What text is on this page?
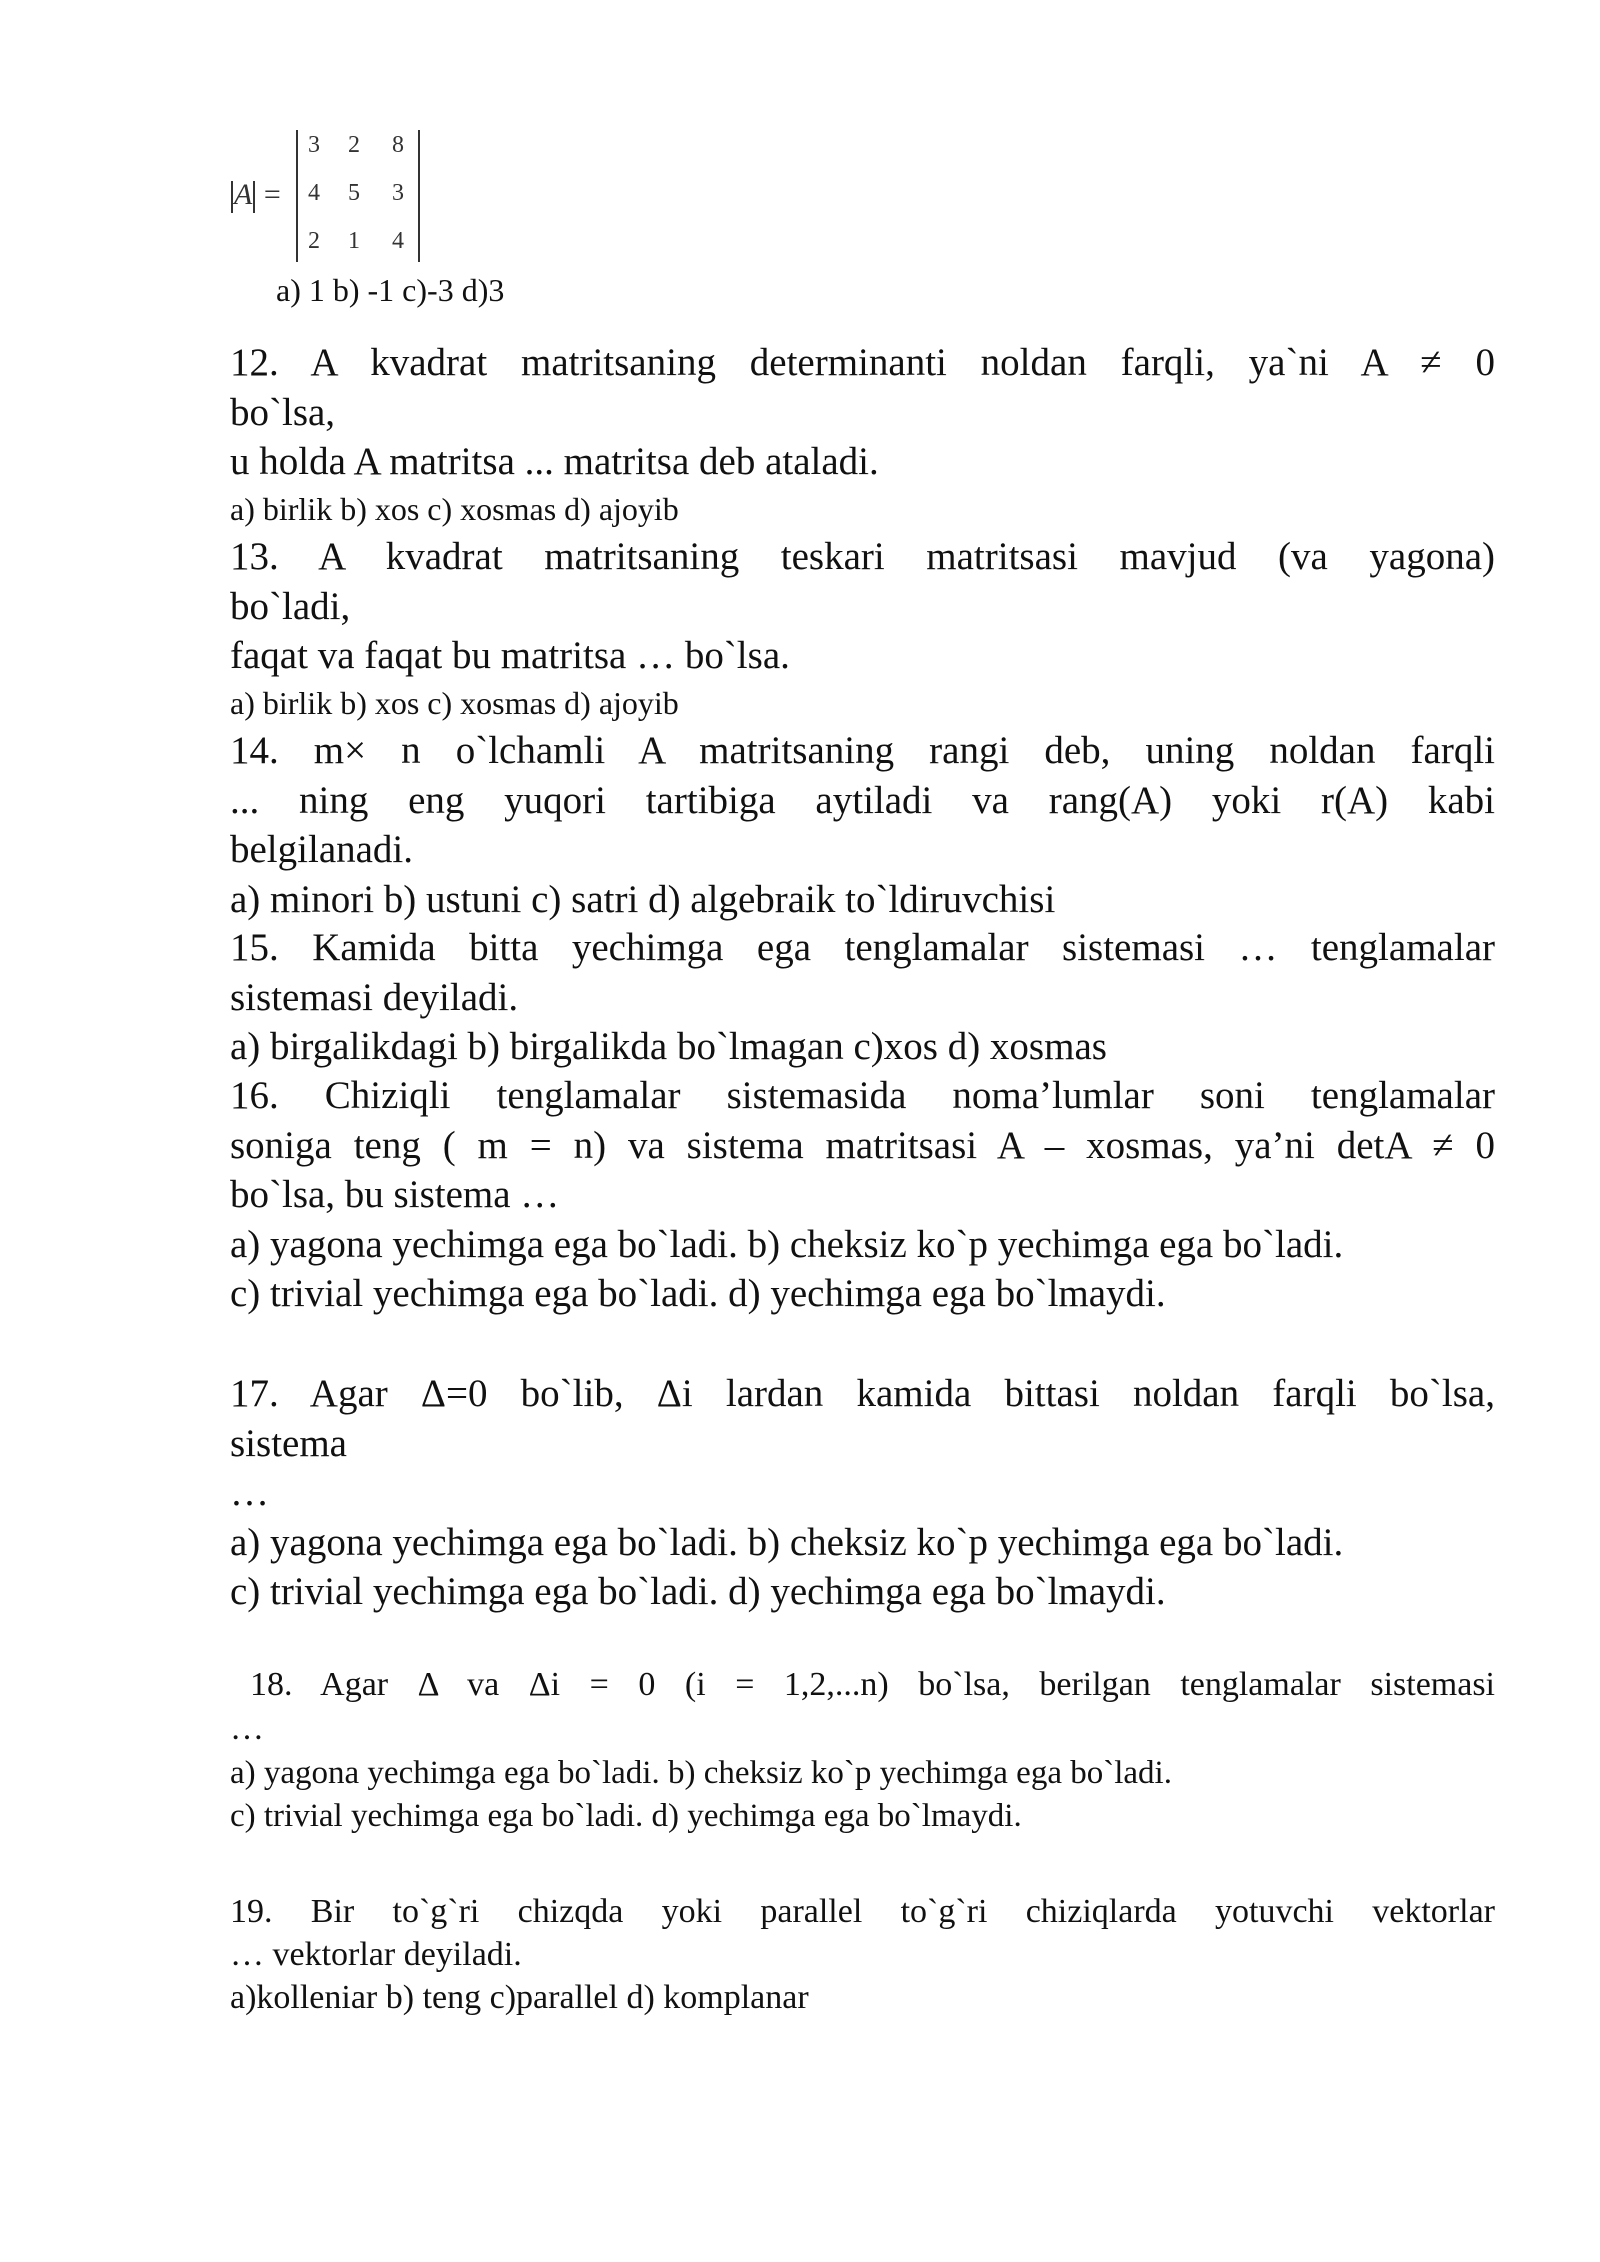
A =
3 2 8
4 5 3
2 1 4
a) 1 b) -1 c)-3 d)3
12. A kvadrat matritsaning determinanti noldan farqli, ya`ni A ≠ 0
bo`lsa,
u holda A matritsa ... matritsa deb ataladi.
a) birlik b) xos c) xosmas d) ajoyib
13. A kvadrat matritsaning teskari matritsasi mavjud (va yagona)
bo`ladi,
faqat va faqat bu matritsa … bo`lsa.
a) birlik b) xos c) xosmas d) ajoyib
14. m× n o`lchamli A matritsaning rangi deb, uning noldan farqli
... ning eng yuqori tartibiga aytiladi va rang(A) yoki r(A) kabi
belgilanadi.
a) minori b) ustuni c) satri d) algebraik to`ldiruvchisi
15. Kamida bitta yechimga ega tenglamalar sistemasi … tenglamalar
sistemasi deyiladi.
a) birgalikdagi b) birgalikda bo`lmagan c)xos d) xosmas
16. Chiziqli tenglamalar sistemasida noma’lumlar soni tenglamalar
soniga teng ( m = n) va sistema matritsasi A – xosmas, ya’ni detA ≠ 0
bo`lsa, bu sistema …
a) yagona yechimga ega bo`ladi. b) cheksiz ko`p yechimga ega bo`ladi.
c) trivial yechimga ega bo`ladi. d) yechimga ega bo`lmaydi.
17. Agar Δ=0 bo`lib, Δi lardan kamida bittasi noldan farqli bo`lsa,
sistema
…
a) yagona yechimga ega bo`ladi. b) cheksiz ko`p yechimga ega bo`ladi.
c) trivial yechimga ega bo`ladi. d) yechimga ega bo`lmaydi.
18. Agar Δ va Δi = 0 (i = 1,2,...n) bo`lsa, berilgan tenglamalar sistemasi
…
a) yagona yechimga ega bo`ladi. b) cheksiz ko`p yechimga ega bo`ladi.
c) trivial yechimga ega bo`ladi. d) yechimga ega bo`lmaydi.
19. Bir to`g`ri chizqda yoki parallel to`g`ri chiziqlarda yotuvchi vektorlar
… vektorlar deyiladi.
a)kolleniar b) teng c)parallel d) komplanar
